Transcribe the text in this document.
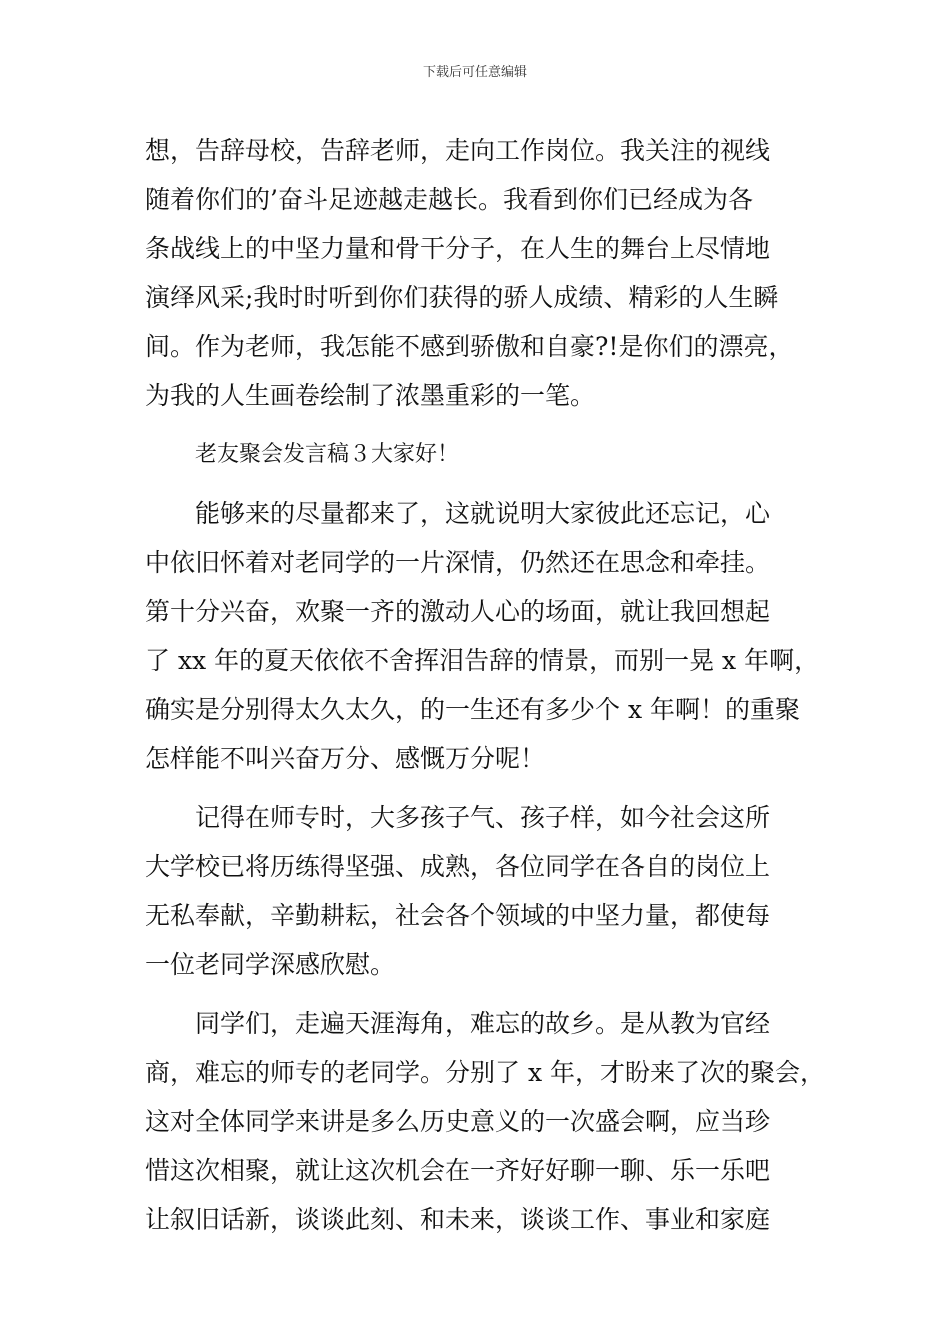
下载后可任意编辑
想，告辞母校，告辞老师，走向工作岗位。我关注的视线
随着你们的’奋斗足迹越走越长。我看到你们已经成为各
条战线上的中坚力量和骨干分子，在人生的舞台上尽情地
演绎风采;我时时听到你们获得的骄人成绩、精彩的人生瞬
间。作为老师，我怎能不感到骄傲和自豪?!是你们的漂亮，
为我的人生画卷绘制了浓墨重彩的一笔。
老友聚会发言稿３大家好！
能够来的尽量都来了，这就说明大家彼此还忘记，心
中依旧怀着对老同学的一片深情，仍然还在思念和牵挂。
第十分兴奋，欢聚一齐的激动人心的场面，就让我回想起
了 xx 年的夏天依依不舍挥泪告辞的情景，而别一晃 x 年啊，
确实是分别得太久太久，的一生还有多少个 x 年啊！的重聚
怎样能不叫兴奋万分、感慨万分呢！
记得在师专时，大多孩子气、孩子样，如今社会这所
大学校已将历练得坚强、成熟，各位同学在各自的岗位上
无私奉献，辛勤耕耘，社会各个领域的中坚力量，都使每
一位老同学深感欣慰。
同学们，走遍天涯海角，难忘的故乡。是从教为官经
商，难忘的师专的老同学。分别了 x 年，才盼来了次的聚会，
这对全体同学来讲是多么历史意义的一次盛会啊，应当珍
惜这次相聚，就让这次机会在一齐好好聊一聊、乐一乐吧
让叙旧话新，谈谈此刻、和未来，谈谈工作、事业和家庭
